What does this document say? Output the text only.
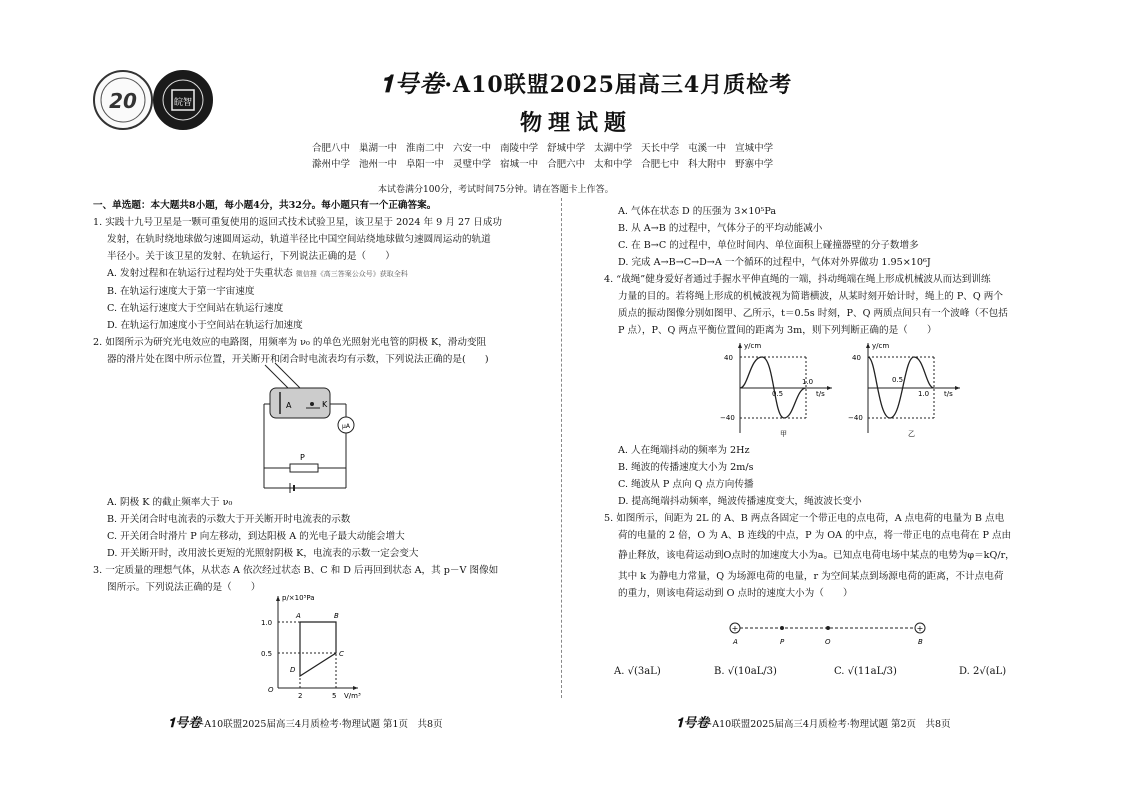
20	皖智
𝟏号卷·A10联盟2025届高三4月质检考
物理试题
合肥八中 巢湖一中 淮南二中 六安一中 南陵中学 舒城中学 太湖中学 天长中学 屯溪一中 宣城中学
滁州中学 池州一中 阜阳一中 灵璧中学 宿城一中 合肥六中 太和中学 合肥七中 科大附中 野寨中学
本试卷满分100分，考试时间75分钟。请在答题卡上作答。

一、单选题：本大题共8小题，每小题4分，共32分。每小题只有一个正确答案。

1. 实践十九号卫星是一颗可重复使用的返回式技术试验卫星，该卫星于 2024 年 9 月 27 日成功

发射，在轨时绕地球做匀速圆周运动，轨道半径比中国空间站绕地球做匀速圆周运动的轨道

半径小。关于该卫星的发射、在轨运行，下列说法正确的是（　　）

A. 发射过程和在轨运行过程均处于失重状态 微信搜《高三答案公众号》获取全科

B. 在轨运行速度大于第一宇宙速度

C. 在轨运行速度大于空间站在轨运行速度

D. 在轨运行加速度小于空间站在轨运行加速度

2. 如图所示为研究光电效应的电路图，用频率为 ν₀ 的单色光照射光电管的阴极 K，滑动变阻

器的滑片处在图中所示位置，开关断开和闭合时电流表均有示数，下列说法正确的是(　　)

A	K
μA
P

A. 阴极 K 的截止频率大于 ν₀

B. 开关闭合时电流表的示数大于开关断开时电流表的示数

C. 开关闭合时滑片 P 向左移动，到达阳极 A 的光电子最大动能会增大

D. 开关断开时，改用波长更短的光照射阴极 K，电流表的示数一定会变大

3. 一定质量的理想气体，从状态 A 依次经过状态 B、C 和 D 后再回到状态 A，其 p－V 图像如

图所示。下列说法正确的是（　　）

p/×10⁵Pa
V/m³
1.0
0.5
2	5
O
A	B
C
D

A. 气体在状态 D 的压强为 3×10⁵Pa

B. 从 A→B 的过程中，气体分子的平均动能减小

C. 在 B→C 的过程中，单位时间内、单位面积上碰撞器壁的分子数增多

D. 完成 A→B→C→D→A 一个循环的过程中，气体对外界做功 1.95×10⁶J

4. “战绳”健身爱好者通过手握水平伸直绳的一端，抖动绳端在绳上形成机械波从而达到训练

力量的目的。若将绳上形成的机械波视为简谐横波，从某时刻开始计时，绳上的 P、Q 两个

质点的振动图像分别如图甲、乙所示，t＝0.5s 时刻，P、Q 两质点间只有一个波峰（不包括

P 点），P、Q 两点平衡位置间的距离为 3m，则下列判断正确的是（　　）

y/cm
t/s
40
−40
0.5
1.0
甲
y/cm
t/s
40
−40
0.5
1.0
乙

A. 人在绳端抖动的频率为 2Hz

B. 绳波的传播速度大小为 2m/s

C. 绳波从 P 点向 Q 点方向传播

D. 提高绳端抖动频率，绳波传播速度变大，绳波波长变小

5. 如图所示，间距为 2L 的 A、B 两点各固定一个带正电的点电荷，A 点电荷的电量为 B 点电

荷的电量的 2 倍，O 为 A、B 连线的中点，P 为 OA 的中点，将一带正电的点电荷在 P 点由

静止释放，该电荷运动到O点时的加速度大小为a。已知点电荷电场中某点的电势为φ＝kQ/r，

其中 k 为静电力常量，Q 为场源电荷的电量，r 为空间某点到场源电荷的距离，不计点电荷

的重力，则该电荷运动到 O 点时的速度大小为（　　）

+	+
A	P	O	B
A. √(3aL)	B. √(10aL/3)	C. √(11aL/3)	D. 2√(aL)
𝟏号卷·A10联盟2025届高三4月质检考·物理试题 第1页　共8页	𝟏号卷·A10联盟2025届高三4月质检考·物理试题 第2页　共8页
